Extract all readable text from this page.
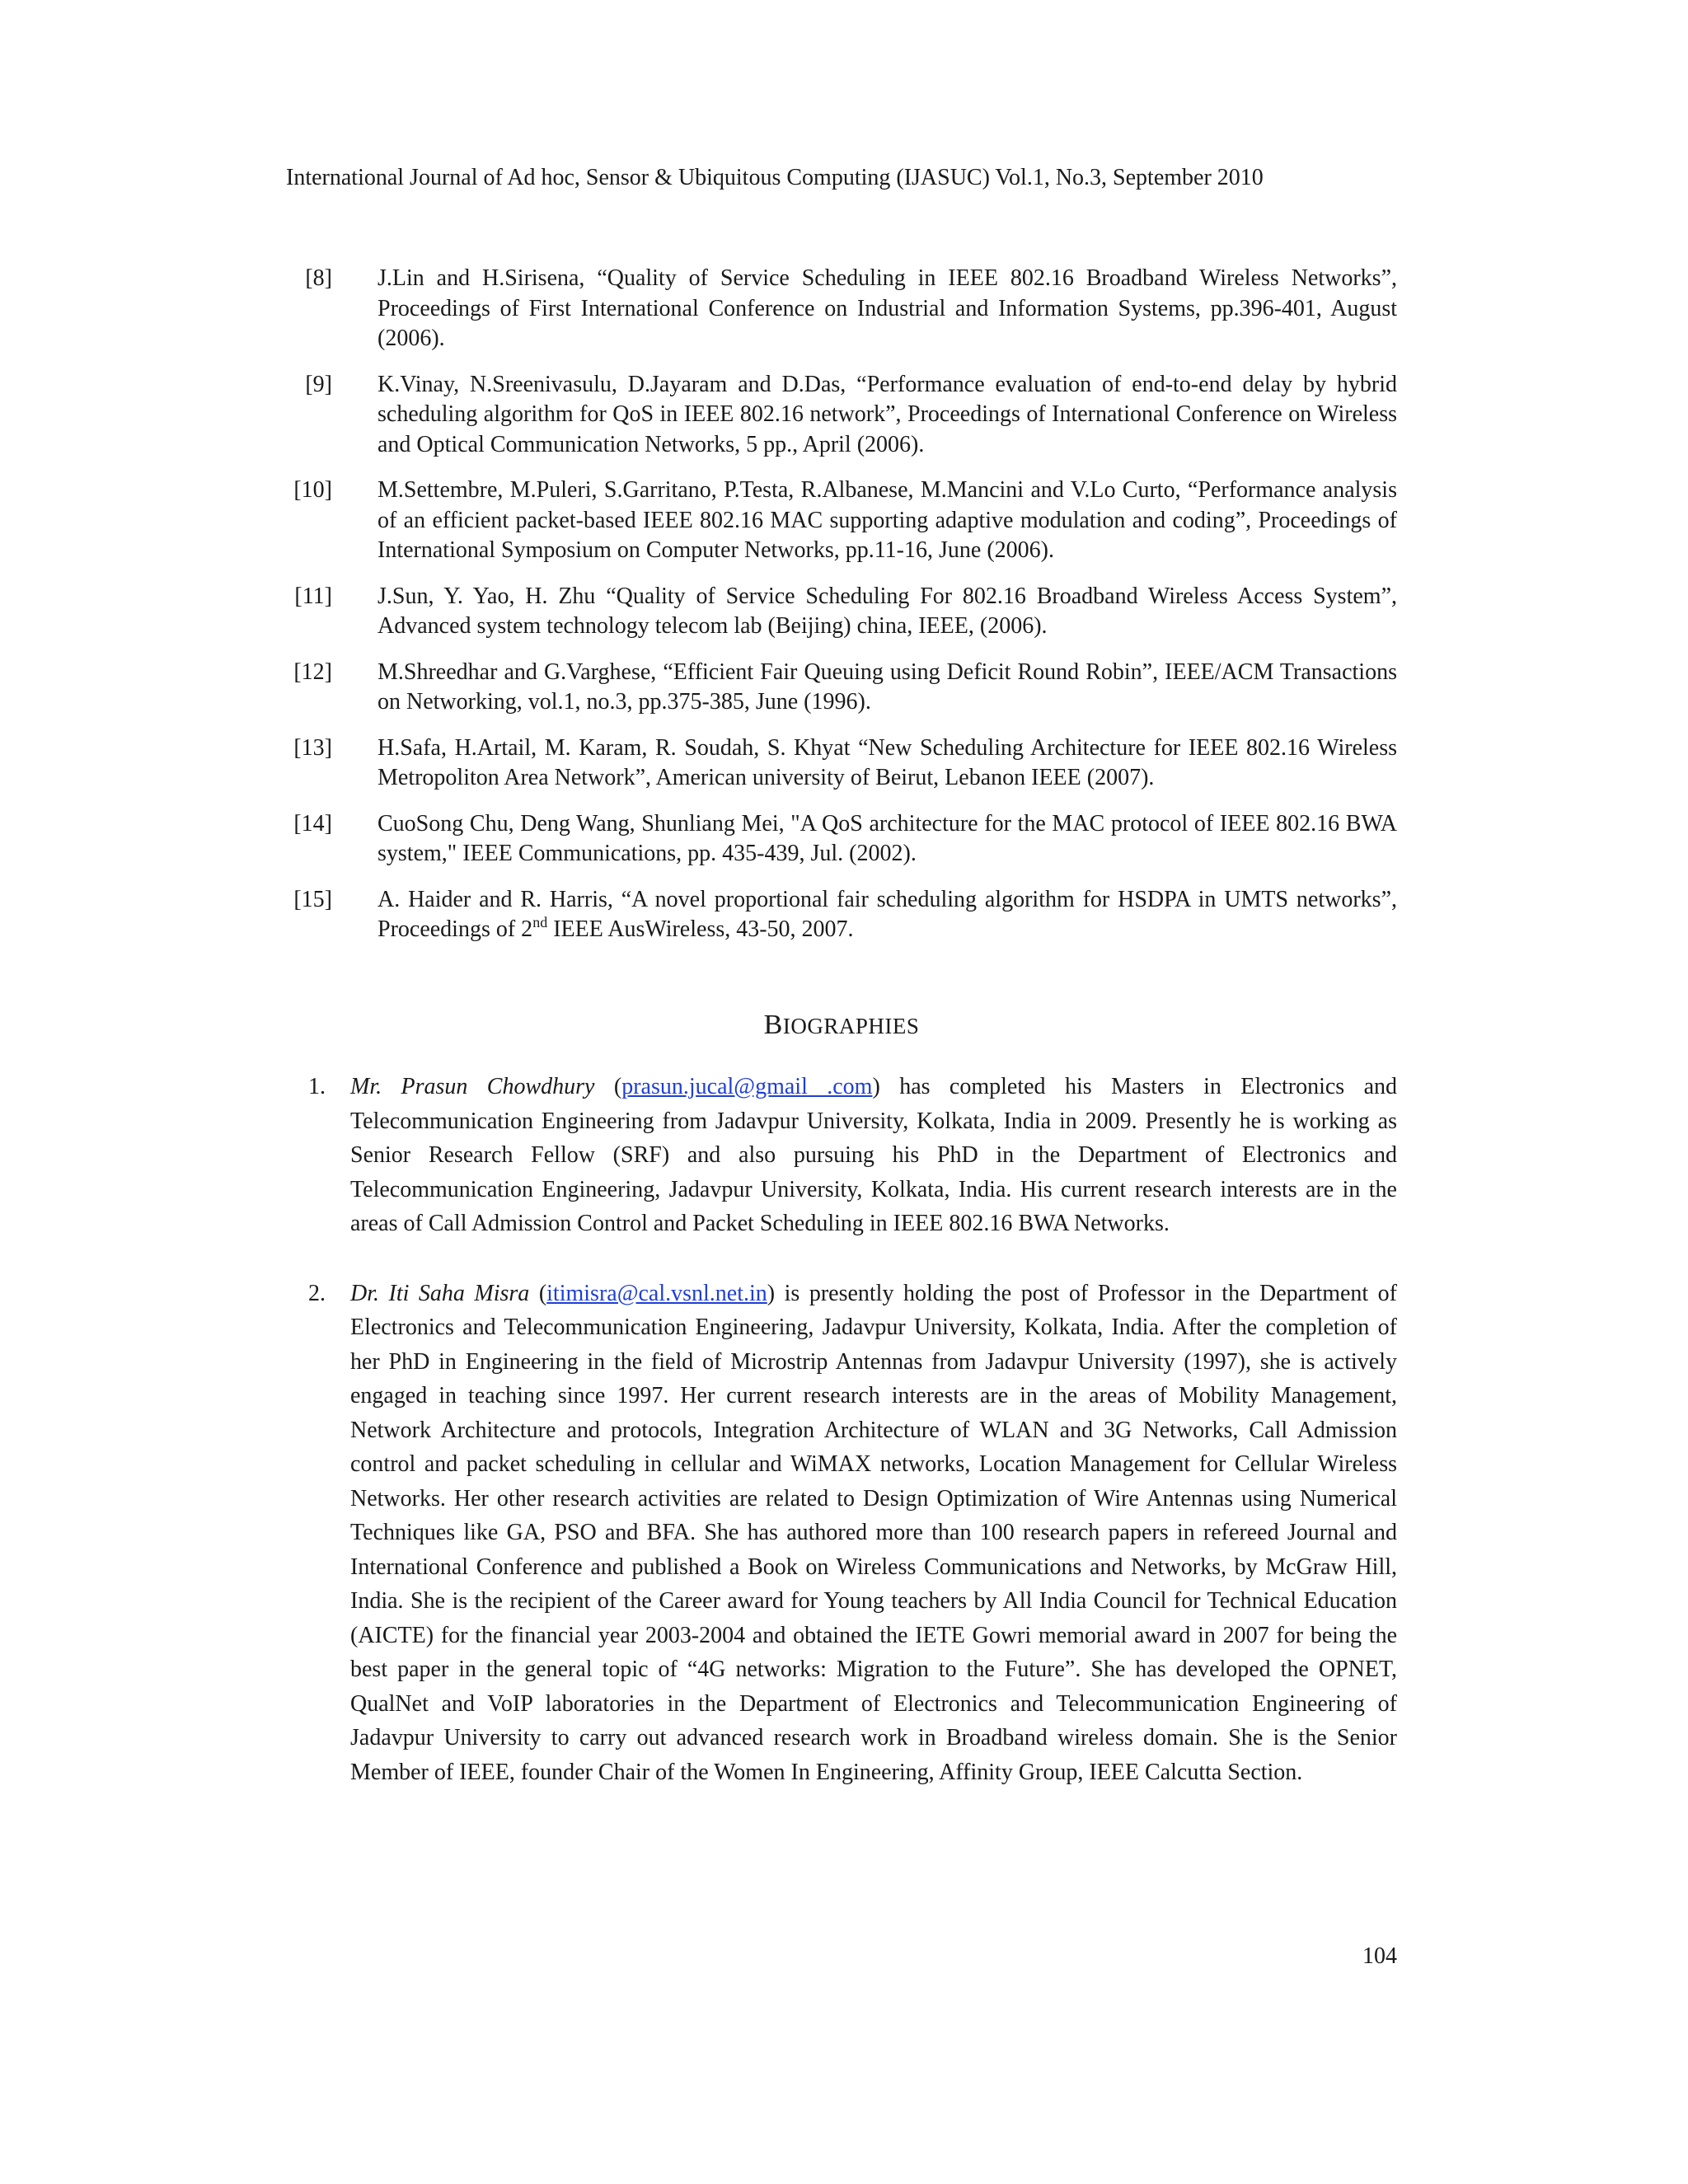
International Journal of Ad hoc, Sensor & Ubiquitous Computing (IJASUC) Vol.1, No.3, September 2010
[8]	J.Lin and H.Sirisena, “Quality of Service Scheduling in IEEE 802.16 Broadband Wireless Networks”, Proceedings of First International Conference on Industrial and Information Systems, pp.396-401, August (2006).
[9]	K.Vinay, N.Sreenivasulu, D.Jayaram and D.Das, “Performance evaluation of end-to-end delay by hybrid scheduling algorithm for QoS in IEEE 802.16 network”, Proceedings of International Conference on Wireless and Optical Communication Networks, 5 pp., April (2006).
[10]	M.Settembre, M.Puleri, S.Garritano, P.Testa, R.Albanese, M.Mancini and V.Lo Curto, “Performance analysis of an efficient packet-based IEEE 802.16 MAC supporting adaptive modulation and coding”, Proceedings of International Symposium on Computer Networks, pp.11-16, June (2006).
[11]	J.Sun, Y. Yao, H. Zhu “Quality of Service Scheduling For 802.16 Broadband Wireless Access System”, Advanced system technology telecom lab (Beijing) china, IEEE, (2006).
[12]	M.Shreedhar and G.Varghese, “Efficient Fair Queuing using Deficit Round Robin”, IEEE/ACM Transactions on Networking, vol.1, no.3, pp.375-385, June (1996).
[13]	H.Safa, H.Artail, M. Karam, R. Soudah, S. Khyat “New Scheduling Architecture for IEEE 802.16 Wireless Metropoliton Area Network”, American university of Beirut, Lebanon IEEE (2007).
[14]	CuoSong Chu, Deng Wang, Shunliang Mei, "A QoS architecture for the MAC protocol of IEEE 802.16 BWA system," IEEE Communications, pp. 435-439, Jul. (2002).
[15]	A. Haider and R. Harris, “A novel proportional fair scheduling algorithm for HSDPA in UMTS networks”, Proceedings of 2nd IEEE AusWireless, 43-50, 2007.
BIOGRAPHIES
1.	Mr. Prasun Chowdhury (prasun.jucal@gmail .com) has completed his Masters in Electronics and Telecommunication Engineering from Jadavpur University, Kolkata, India in 2009. Presently he is working as Senior Research Fellow (SRF) and also pursuing his PhD in the Department of Electronics and Telecommunication Engineering, Jadavpur University, Kolkata, India. His current research interests are in the areas of Call Admission Control and Packet Scheduling in IEEE 802.16 BWA Networks.
2.	Dr. Iti Saha Misra (itimisra@cal.vsnl.net.in) is presently holding the post of Professor in the Department of Electronics and Telecommunication Engineering, Jadavpur University, Kolkata, India. After the completion of her PhD in Engineering in the field of Microstrip Antennas from Jadavpur University (1997), she is actively engaged in teaching since 1997. Her current research interests are in the areas of Mobility Management, Network Architecture and protocols, Integration Architecture of WLAN and 3G Networks, Call Admission control and packet scheduling in cellular and WiMAX networks, Location Management for Cellular Wireless Networks. Her other research activities are related to Design Optimization of Wire Antennas using Numerical Techniques like GA, PSO and BFA. She has authored more than 100 research papers in refereed Journal and International Conference and published a Book on Wireless Communications and Networks, by McGraw Hill, India. She is the recipient of the Career award for Young teachers by All India Council for Technical Education (AICTE) for the financial year 2003-2004 and obtained the IETE Gowri memorial award in 2007 for being the best paper in the general topic of “4G networks: Migration to the Future”. She has developed the OPNET, QualNet and VoIP laboratories in the Department of Electronics and Telecommunication Engineering of Jadavpur University to carry out advanced research work in Broadband wireless domain. She is the Senior Member of IEEE, founder Chair of the Women In Engineering, Affinity Group, IEEE Calcutta Section.
104
